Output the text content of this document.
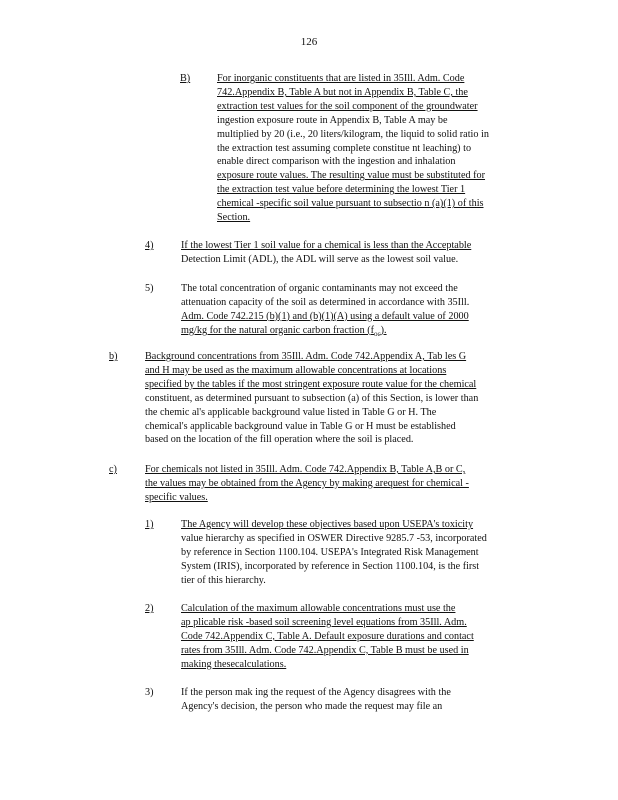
126
B)	For inorganic constituents that are listed in 35Ill. Adm. Code
742.Appendix B, Table A but not in Appendix B, Table C, the
extraction test values for the soil component of the groundwater
ingestion exposure route in Appendix B, Table A may be
multiplied by 20 (i.e., 20 liters/kilogram, the liquid to solid ratio in
the extraction test assuming complete constitue nt leaching) to
enable direct comparison with the ingestion and inhalation
exposure route values. The resulting value must be substituted for
the extraction test value before determining the lowest Tier 1
chemical -specific soil value pursuant to subsectio n (a)(1) of this
Section.
4)	If the lowest Tier 1 soil value for a chemical is less than the Acceptable
Detection Limit (ADL), the ADL will serve as the lowest soil value.
5)	The total concentration of organic contaminants may not exceed the
attenuation capacity of the soil as determined in accordance with 35Ill.
Adm. Code 742.215 (b)(1) and (b)(1)(A) using a default value of 2000
mg/kg for the natural organic carbon fraction $(f_{oc})$.
b)	Background concentrations from 35Ill. Adm. Code 742.Appendix A, Tab les G
and H may be used as the maximum allowable concentrations at locations
specified by the tables if the most stringent exposure route value for the chemical
constituent, as determined pursuant to subsection (a) of this Section, is lower than
the chemic al's applicable background value listed in Table G or H. The
chemical's applicable background value in Table G or H must be established
based on the location of the fill operation where the soil is placed.
c)	For chemicals not listed in 35Ill. Adm. Code 742.Appendix B, Table A,B or C,
the values may be obtained from the Agency by making arequest for chemical -
specific values.
1)	The Agency will develop these objectives based upon USEPA's toxicity
value hierarchy as specified in OSWER Directive 9285.7 -53, incorporated
by reference in Section 1100.104. USEPA's Integrated Risk Management
System (IRIS), incorporated by reference in Section 1100.104, is the first
tier of this hierarchy.
2)	Calculation of the maximum allowable concentrations must use the
ap plicable risk -based soil screening level equations from 35Ill. Adm.
Code 742.Appendix C, Table A. Default exposure durations and contact
rates from 35Ill. Adm. Code 742.Appendix C, Table B must be used in
making thesecalculations.
3)	If the person mak ing the request of the Agency disagrees with the
Agency's decision, the person who made the request may file an
